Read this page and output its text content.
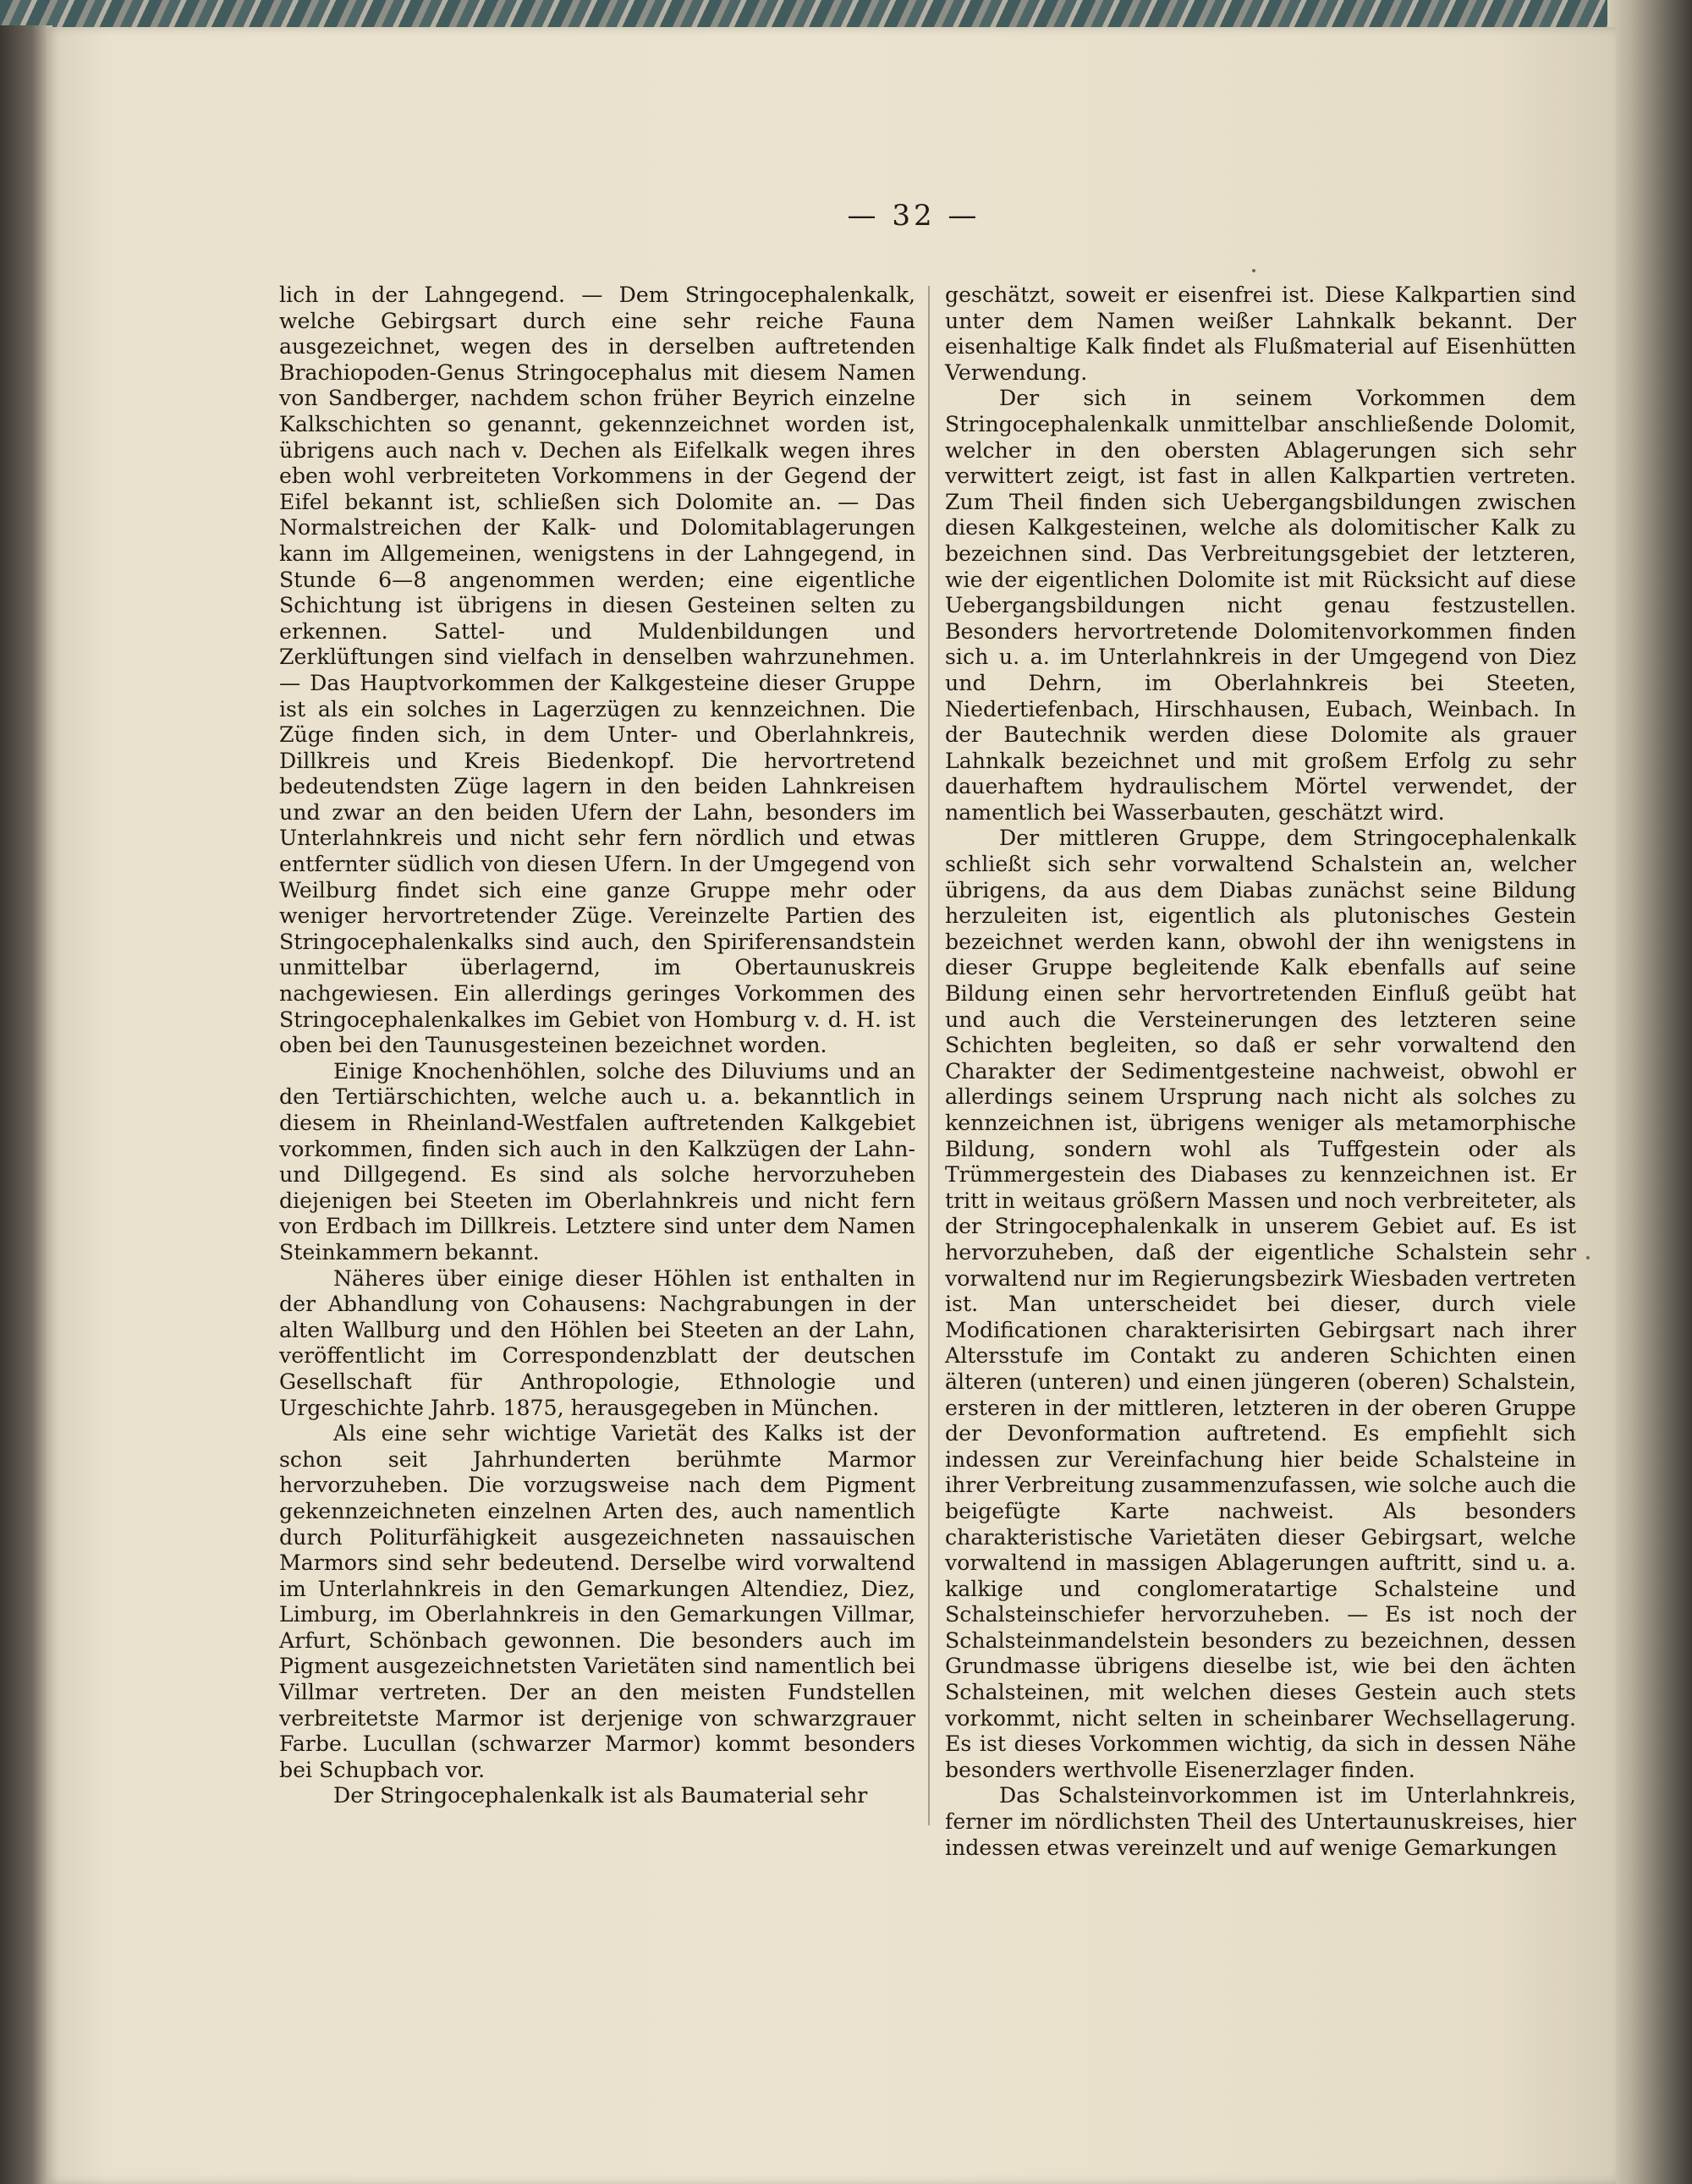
— 32 —

lich in der Lahngegend. — Dem Stringocephalenkalk, welche Gebirgsart durch eine sehr reiche Fauna ausgezeichnet, wegen des in derselben auftretenden Brachiopoden-Genus Stringocephalus mit diesem Namen von Sandberger, nachdem schon früher Beyrich einzelne Kalkschichten so genannt, gekennzeichnet worden ist, übrigens auch nach v. Dechen als Eifelkalk wegen ihres eben wohl verbreiteten Vorkommens in der Gegend der Eifel bekannt ist, schließen sich Dolomite an. — Das Normalstreichen der Kalk- und Dolomitablagerungen kann im Allgemeinen, wenigstens in der Lahngegend, in Stunde 6—8 angenommen werden; eine eigentliche Schichtung ist übrigens in diesen Gesteinen selten zu erkennen. Sattel- und Muldenbildungen und Zerklüftungen sind vielfach in denselben wahrzunehmen. — Das Hauptvorkommen der Kalkgesteine dieser Gruppe ist als ein solches in Lagerzügen zu kennzeichnen. Die Züge finden sich, in dem Unter- und Oberlahnkreis, Dillkreis und Kreis Biedenkopf. Die hervortretend bedeutendsten Züge lagern in den beiden Lahnkreisen und zwar an den beiden Ufern der Lahn, besonders im Unterlahnkreis und nicht sehr fern nördlich und etwas entfernter südlich von diesen Ufern. In der Umgegend von Weilburg findet sich eine ganze Gruppe mehr oder weniger hervortretender Züge. Vereinzelte Partien des Stringocephalenkalks sind auch, den Spiriferensandstein unmittelbar überlagernd, im Obertaunuskreis nachgewiesen. Ein allerdings geringes Vorkommen des Stringocephalenkalkes im Gebiet von Homburg v. d. H. ist oben bei den Taunusgesteinen bezeichnet worden.

Einige Knochenhöhlen, solche des Diluviums und an den Tertiärschichten, welche auch u. a. bekanntlich in diesem in Rheinland-Westfalen auftretenden Kalkgebiet vorkommen, finden sich auch in den Kalkzügen der Lahn- und Dillgegend. Es sind als solche hervorzuheben diejenigen bei Steeten im Oberlahnkreis und nicht fern von Erdbach im Dillkreis. Letztere sind unter dem Namen Steinkammern bekannt.

Näheres über einige dieser Höhlen ist enthalten in der Abhandlung von Cohausens: Nachgrabungen in der alten Wallburg und den Höhlen bei Steeten an der Lahn, veröffentlicht im Correspondenzblatt der deutschen Gesellschaft für Anthropologie, Ethnologie und Urgeschichte Jahrb. 1875, herausgegeben in München.

Als eine sehr wichtige Varietät des Kalks ist der schon seit Jahrhunderten berühmte Marmor hervorzuheben. Die vorzugsweise nach dem Pigment gekennzeichneten einzelnen Arten des, auch namentlich durch Politurfähigkeit ausgezeichneten nassauischen Marmors sind sehr bedeutend. Derselbe wird vorwaltend im Unterlahnkreis in den Gemarkungen Altendiez, Diez, Limburg, im Oberlahnkreis in den Gemarkungen Villmar, Arfurt, Schönbach gewonnen. Die besonders auch im Pigment ausgezeichnetsten Varietäten sind namentlich bei Villmar vertreten. Der an den meisten Fundstellen verbreitetste Marmor ist derjenige von schwarzgrauer Farbe. Lucullan (schwarzer Marmor) kommt besonders bei Schupbach vor.

Der Stringocephalenkalk ist als Baumaterial sehr

geschätzt, soweit er eisenfrei ist. Diese Kalkpartien sind unter dem Namen weißer Lahnkalk bekannt. Der eisenhaltige Kalk findet als Flußmaterial auf Eisenhütten Verwendung.

Der sich in seinem Vorkommen dem Stringocephalenkalk unmittelbar anschließende Dolomit, welcher in den obersten Ablagerungen sich sehr verwittert zeigt, ist fast in allen Kalkpartien vertreten. Zum Theil finden sich Uebergangsbildungen zwischen diesen Kalkgesteinen, welche als dolomitischer Kalk zu bezeichnen sind. Das Verbreitungsgebiet der letzteren, wie der eigentlichen Dolomite ist mit Rücksicht auf diese Uebergangsbildungen nicht genau festzustellen. Besonders hervortretende Dolomitenvorkommen finden sich u. a. im Unterlahnkreis in der Umgegend von Diez und Dehrn, im Oberlahnkreis bei Steeten, Niedertiefenbach, Hirschhausen, Eubach, Weinbach. In der Bautechnik werden diese Dolomite als grauer Lahnkalk bezeichnet und mit großem Erfolg zu sehr dauerhaftem hydraulischem Mörtel verwendet, der namentlich bei Wasserbauten, geschätzt wird.

Der mittleren Gruppe, dem Stringocephalenkalk schließt sich sehr vorwaltend Schalstein an, welcher übrigens, da aus dem Diabas zunächst seine Bildung herzuleiten ist, eigentlich als plutonisches Gestein bezeichnet werden kann, obwohl der ihn wenigstens in dieser Gruppe begleitende Kalk ebenfalls auf seine Bildung einen sehr hervortretenden Einfluß geübt hat und auch die Versteinerungen des letzteren seine Schichten begleiten, so daß er sehr vorwaltend den Charakter der Sedimentgesteine nachweist, obwohl er allerdings seinem Ursprung nach nicht als solches zu kennzeichnen ist, übrigens weniger als metamorphische Bildung, sondern wohl als Tuffgestein oder als Trümmergestein des Diabases zu kennzeichnen ist. Er tritt in weitaus größern Massen und noch verbreiteter, als der Stringocephalenkalk in unserem Gebiet auf. Es ist hervorzuheben, daß der eigentliche Schalstein sehr vorwaltend nur im Regierungsbezirk Wiesbaden vertreten ist. Man unterscheidet bei dieser, durch viele Modificationen charakterisirten Gebirgsart nach ihrer Altersstufe im Contakt zu anderen Schichten einen älteren (unteren) und einen jüngeren (oberen) Schalstein, ersteren in der mittleren, letzteren in der oberen Gruppe der Devonformation auftretend. Es empfiehlt sich indessen zur Vereinfachung hier beide Schalsteine in ihrer Verbreitung zusammenzufassen, wie solche auch die beigefügte Karte nachweist. Als besonders charakteristische Varietäten dieser Gebirgsart, welche vorwaltend in massigen Ablagerungen auftritt, sind u. a. kalkige und conglomeratartige Schalsteine und Schalsteinschiefer hervorzuheben. — Es ist noch der Schalsteinmandelstein besonders zu bezeichnen, dessen Grundmasse übrigens dieselbe ist, wie bei den ächten Schalsteinen, mit welchen dieses Gestein auch stets vorkommt, nicht selten in scheinbarer Wechsellagerung. Es ist dieses Vorkommen wichtig, da sich in dessen Nähe besonders werthvolle Eisenerzlager finden.

Das Schalsteinvorkommen ist im Unterlahnkreis, ferner im nördlichsten Theil des Untertaunuskreises, hier indessen etwas vereinzelt und auf wenige Gemarkungen
